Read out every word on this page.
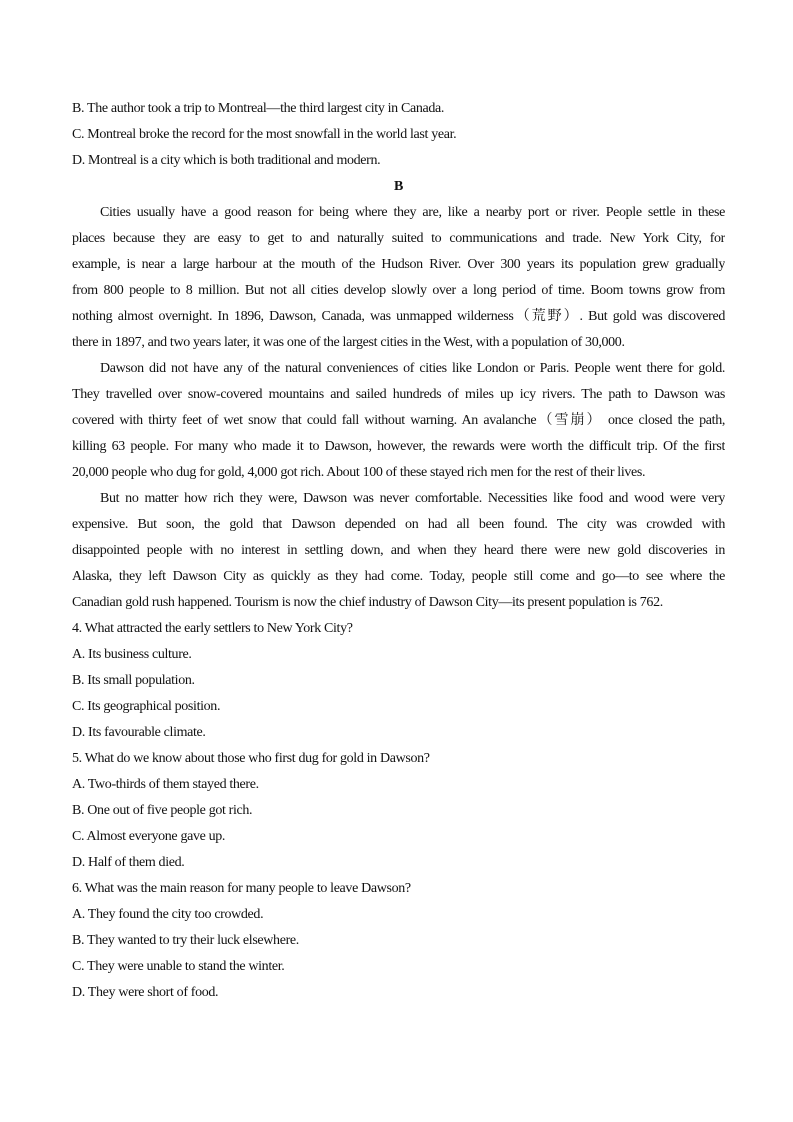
B. The author took a trip to Montreal—the third largest city in Canada.
C. Montreal broke the record for the most snowfall in the world last year.
D. Montreal is a city which is both traditional and modern.
B
Cities usually have a good reason for being where they are, like a nearby port or river. People settle in these
places because they are easy to get to and naturally suited to communications and trade. New York City, for
example, is near a large harbour at the mouth of the Hudson River. Over 300 years its population grew gradually
from 800 people to 8 million. But not all cities develop slowly over a long period of time. Boom towns grow from
nothing almost overnight. In 1896, Dawson, Canada, was unmapped wilderness（荒野）. But gold was discovered
there in 1897, and two years later, it was one of the largest cities in the West, with a population of 30,000.
Dawson did not have any of the natural conveniences of cities like London or Paris. People went there for gold.
They travelled over snow-covered mountains and sailed hundreds of miles up icy rivers. The path to Dawson was
covered with thirty feet of wet snow that could fall without warning. An avalanche（雪崩） once closed the path,
killing 63 people. For many who made it to Dawson, however, the rewards were worth the difficult trip. Of the first
20,000 people who dug for gold, 4,000 got rich. About 100 of these stayed rich men for the rest of their lives.
But no matter how rich they were, Dawson was never comfortable. Necessities like food and wood were very
expensive. But soon, the gold that Dawson depended on had all been found. The city was crowded with
disappointed people with no interest in settling down, and when they heard there were new gold discoveries in
Alaska, they left Dawson City as quickly as they had come. Today, people still come and go—to see where the
Canadian gold rush happened. Tourism is now the chief industry of Dawson City—its present population is 762.
4. What attracted the early settlers to New York City?
A. Its business culture.
B. Its small population.
C. Its geographical position.
D. Its favourable climate.
5. What do we know about those who first dug for gold in Dawson?
A. Two-thirds of them stayed there.
B. One out of five people got rich.
C. Almost everyone gave up.
D. Half of them died.
6. What was the main reason for many people to leave Dawson?
A. They found the city too crowded.
B. They wanted to try their luck elsewhere.
C. They were unable to stand the winter.
D. They were short of food.
